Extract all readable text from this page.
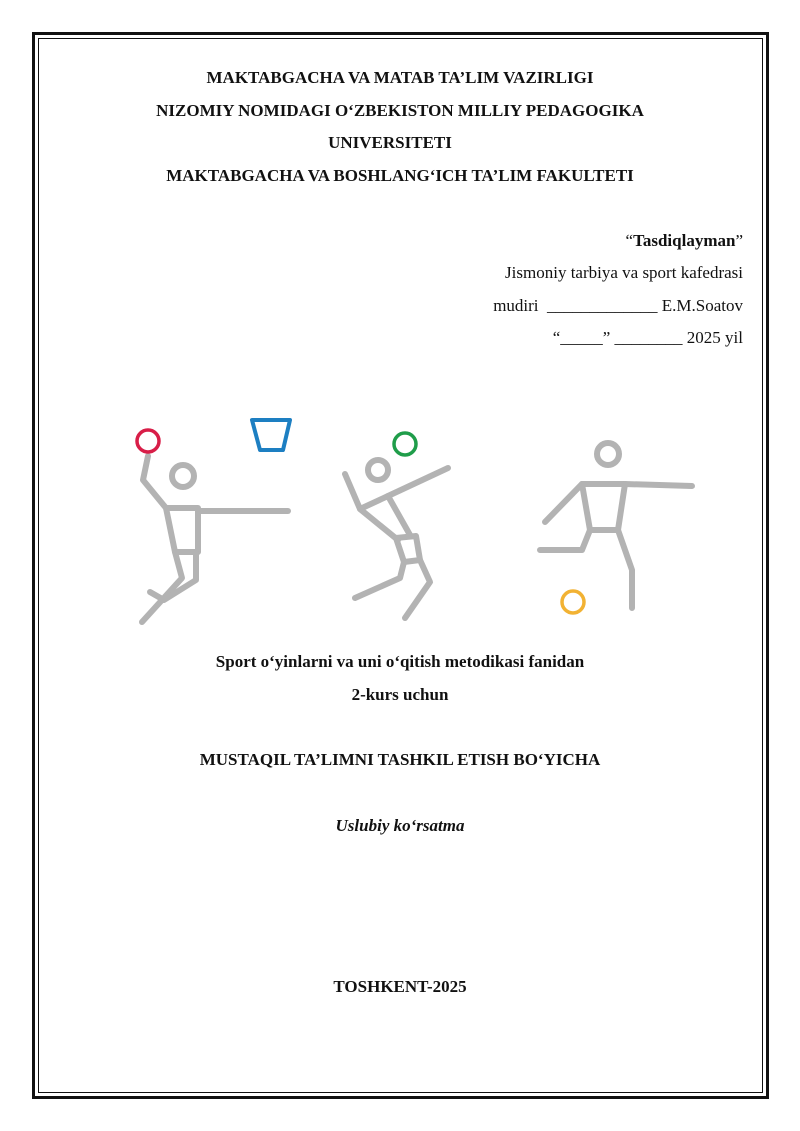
MAKTABGACHA VA MATAB TA’LIM VAZIRLIGI
NIZOMIY NOMIDAGI O‘ZBEKISTON MILLIY PEDAGOGIKA
UNIVERSITETI
MAKTABGACHA VA BOSHLANG‘ICH TA’LIM FAKULTETI
“Tasdiqlayman”
Jismoniy tarbiya va sport kafedrasi
mudiri  _____________ E.M.Soatov
“_____” ________ 2025 yil
Sport o‘yinlarni va uni o‘qitish metodikasi fanidan
2-kurs uchun
MUSTAQIL TA’LIMNI TASHKIL ETISH BO‘YICHA
Uslubiy ko‘rsatma
TOSHKENT-2025
